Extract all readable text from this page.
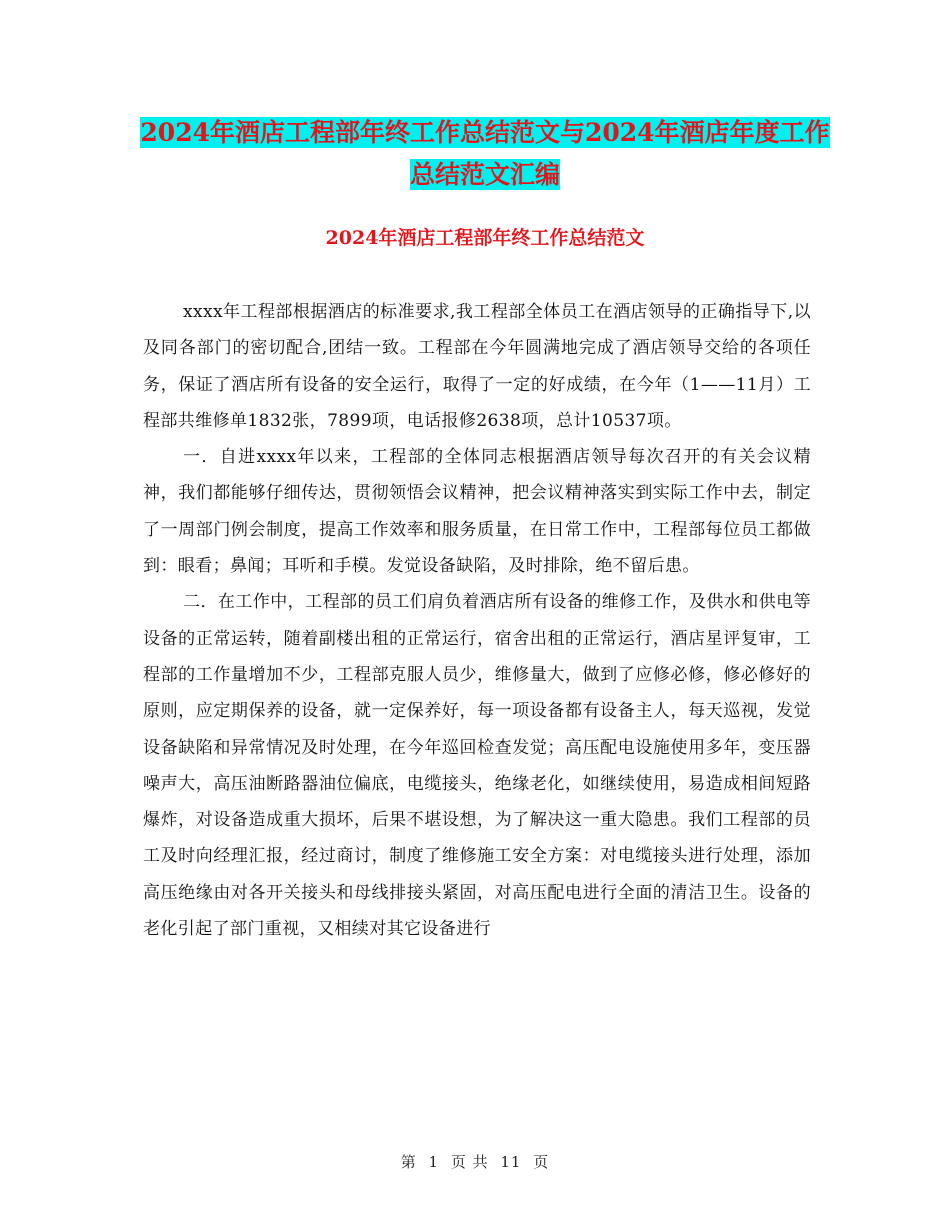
2024年酒店工程部年终工作总结范文与2024年酒店年度工作总结范文汇编
2024年酒店工程部年终工作总结范文

xxxx年工程部根据酒店的标准要求,我工程部全体员工在酒店领导的正确指导下,以及同各部门的密切配合,团结一致。工程部在今年圆满地完成了酒店领导交给的各项任务，保证了酒店所有设备的安全运行，取得了一定的好成绩，在今年（1——11月）工程部共维修单1832张，7899项，电话报修2638项，总计10537项。

一．自进xxxx年以来，工程部的全体同志根据酒店领导每次召开的有关会议精神，我们都能够仔细传达，贯彻领悟会议精神，把会议精神落实到实际工作中去，制定了一周部门例会制度，提高工作效率和服务质量，在日常工作中，工程部每位员工都做到：眼看；鼻闻；耳听和手模。发觉设备缺陷，及时排除，绝不留后患。

二．在工作中，工程部的员工们肩负着酒店所有设备的维修工作，及供水和供电等设备的正常运转，随着副楼出租的正常运行，宿舍出租的正常运行，酒店星评复审，工程部的工作量增加不少，工程部克服人员少，维修量大，做到了应修必修，修必修好的原则，应定期保养的设备，就一定保养好，每一项设备都有设备主人，每天巡视，发觉设备缺陷和异常情况及时处理，在今年巡回检查发觉；高压配电设施使用多年，变压器噪声大，高压油断路器油位偏底，电缆接头，绝缘老化，如继续使用，易造成相间短路爆炸，对设备造成重大损坏，后果不堪设想，为了解决这一重大隐患。我们工程部的员工及时向经理汇报，经过商讨，制度了维修施工安全方案：对电缆接头进行处理，添加高压绝缘由对各开关接头和母线排接头紧固，对高压配电进行全面的清洁卫生。设备的老化引起了部门重视，又相续对其它设备进行

第 1 页 共 11 页
